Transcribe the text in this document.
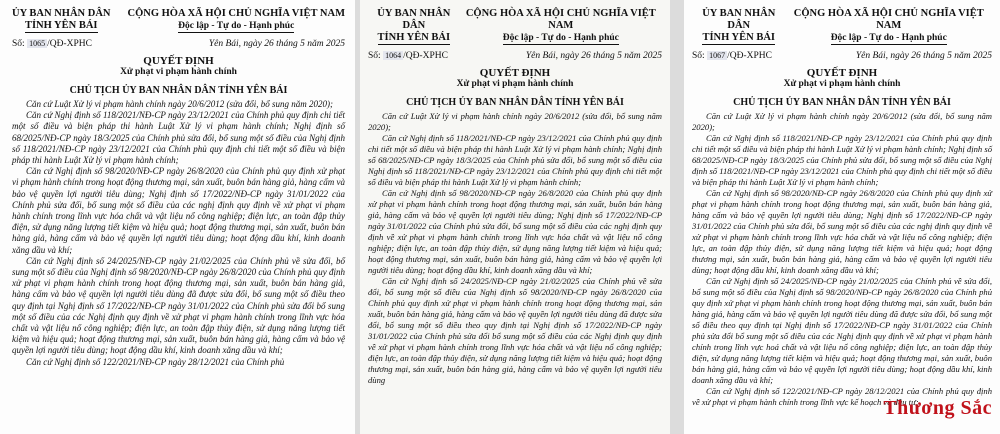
ỦY BAN NHÂN DÂN
TỈNH YÊN BÁI
CỘNG HÒA XÃ HỘI CHỦ NGHĨA VIỆT NAM
Độc lập - Tự do - Hạnh phúc
Số: 1065 /QĐ-XPHC	Yên Bái, ngày 26 tháng 5 năm 2025
QUYẾT ĐỊNH
Xử phạt vi phạm hành chính
CHỦ TỊCH ỦY BAN NHÂN DÂN TỈNH YÊN BÁI

Căn cứ Luật Xử lý vi phạm hành chính ngày 20/6/2012 (sửa đổi, bổ sung năm 2020);

Căn cứ Nghị định số 118/2021/NĐ-CP ngày 23/12/2021 của Chính phủ quy định chi tiết một số điều và biện pháp thi hành Luật Xử lý vi phạm hành chính; Nghị định số 68/2025/NĐ-CP ngày 18/3/2025 của Chính phủ sửa đổi, bổ sung một số điều của Nghị định số 118/2021/NĐ-CP ngày 23/12/2021 của Chính phủ quy định chi tiết một số điều và biện pháp thi hành Luật Xử lý vi phạm hành chính;

Căn cứ Nghị định số 98/2020/NĐ-CP ngày 26/8/2020 của Chính phủ quy định xử phạt vi phạm hành chính trong hoạt động thương mại, sản xuất, buôn bán hàng giả, hàng cấm và bảo vệ quyền lợi người tiêu dùng; Nghị định số 17/2022/NĐ-CP ngày 31/01/2022 của Chính phủ sửa đổi, bổ sung một số điều của các nghị định quy định về xử phạt vi phạm hành chính trong lĩnh vực hóa chất và vật liệu nổ công nghiệp; điện lực, an toàn đập thủy điện, sử dụng năng lượng tiết kiệm và hiệu quả; hoạt động thương mại, sản xuất, buôn bán hàng giả, hàng cấm và bảo vệ quyền lợi người tiêu dùng; hoạt động dầu khí, kinh doanh xăng dầu và khí;

Căn cứ Nghị định số 24/2025/NĐ-CP ngày 21/02/2025 của Chính phủ về sửa đổi, bổ sung một số điều của Nghị định số 98/2020/NĐ-CP ngày 26/8/2020 của Chính phủ quy định xử phạt vi phạm hành chính trong hoạt động thương mại, sản xuất, buôn bán hàng giả, hàng cấm và bảo vệ quyền lợi người tiêu dùng đã được sửa đổi, bổ sung một số điều theo quy định tại Nghị định số 17/2022/NĐ-CP ngày 31/01/2022 của Chính phủ sửa đổi bổ sung một số điều của các Nghị định quy định về xử phạt vi phạm hành chính trong lĩnh vực hóa chất và vật liệu nổ công nghiệp; điện lực, an toàn đập thủy điện, sử dụng năng lượng tiết kiệm và hiệu quả; hoạt động thương mại, sản xuất, buôn bán hàng giả, hàng cấm và bảo vệ quyền lợi người tiêu dùng; hoạt động dầu khí, kinh doanh xăng dầu và khí;

Căn cứ Nghị định số 122/2021/NĐ-CP ngày 28/12/2021 của Chính phủ

ỦY BAN NHÂN DÂN
TỈNH YÊN BÁI
CỘNG HÒA XÃ HỘI CHỦ NGHĨA VIỆT NAM
Độc lập - Tự do - Hạnh phúc
Số: 1064 /QĐ-XPHC	Yên Bái, ngày 26 tháng 5 năm 2025
QUYẾT ĐỊNH
Xử phạt vi phạm hành chính
CHỦ TỊCH ỦY BAN NHÂN DÂN TỈNH YÊN BÁI

Căn cứ Luật Xử lý vi phạm hành chính ngày 20/6/2012 (sửa đổi, bổ sung năm 2020);

Căn cứ Nghị định số 118/2021/NĐ-CP ngày 23/12/2021 của Chính phủ quy định chi tiết một số điều và biện pháp thi hành Luật Xử lý vi phạm hành chính; Nghị định số 68/2025/NĐ-CP ngày 18/3/2025 của Chính phủ sửa đổi, bổ sung một số điều của Nghị định số 118/2021/NĐ-CP ngày 23/12/2021 của Chính phủ quy định chi tiết một số điều và biện pháp thi hành Luật Xử lý vi phạm hành chính;

Căn cứ Nghị định số 98/2020/NĐ-CP ngày 26/8/2020 của Chính phủ quy định xử phạt vi phạm hành chính trong hoạt động thương mại, sản xuất, buôn bán hàng giả, hàng cấm và bảo vệ quyền lợi người tiêu dùng; Nghị định số 17/2022/NĐ-CP ngày 31/01/2022 của Chính phủ sửa đổi, bổ sung một số điều của các nghị định quy định về xử phạt vi phạm hành chính trong lĩnh vực hóa chất và vật liệu nổ công nghiệp; điện lực, an toàn đập thủy điện, sử dụng năng lượng tiết kiệm và hiệu quả; hoạt động thương mại, sản xuất, buôn bán hàng giả, hàng cấm và bảo vệ quyền lợi người tiêu dùng; hoạt động dầu khí, kinh doanh xăng dầu và khí;

Căn cứ Nghị định số 24/2025/NĐ-CP ngày 21/02/2025 của Chính phủ về sửa đổi, bổ sung một số điều của Nghị định số 98/2020/NĐ-CP ngày 26/8/2020 của Chính phủ quy định xử phạt vi phạm hành chính trong hoạt động thương mại, sản xuất, buôn bán hàng giả, hàng cấm và bảo vệ quyền lợi người tiêu dùng đã được sửa đổi, bổ sung một số điều theo quy định tại Nghị định số 17/2022/NĐ-CP ngày 31/01/2022 của Chính phủ sửa đổi bổ sung một số điều của các Nghị định quy định về xử phạt vi phạm hành chính trong lĩnh vực hóa chất và vật liệu nổ công nghiệp; điện lực, an toàn đập thủy điện, sử dụng năng lượng tiết kiệm và hiệu quả; hoạt động thương mại, sản xuất, buôn bán hàng giả, hàng cấm và bảo vệ quyền lợi người tiêu dùng

ỦY BAN NHÂN DÂN
TỈNH YÊN BÁI
CỘNG HÒA XÃ HỘI CHỦ NGHĨA VIỆT NAM
Độc lập - Tự do - Hạnh phúc
Số: 1067 /QĐ-XPHC	Yên Bái, ngày 26 tháng 5 năm 2025
QUYẾT ĐỊNH
Xử phạt vi phạm hành chính
CHỦ TỊCH ỦY BAN NHÂN DÂN TỈNH YÊN BÁI

Căn cứ Luật Xử lý vi phạm hành chính ngày 20/6/2012 (sửa đổi, bổ sung năm 2020);

Căn cứ Nghị định số 118/2021/NĐ-CP ngày 23/12/2021 của Chính phủ quy định chi tiết một số điều và biện pháp thi hành Luật Xử lý vi phạm hành chính; Nghị định số 68/2025/NĐ-CP ngày 18/3/2025 của Chính phủ sửa đổi, bổ sung một số điều của Nghị định số 118/2021/NĐ-CP ngày 23/12/2021 của Chính phủ quy định chi tiết một số điều và biện pháp thi hành Luật Xử lý vi phạm hành chính;

Căn cứ Nghị định số 98/2020/NĐ-CP ngày 26/8/2020 của Chính phủ quy định xử phạt vi phạm hành chính trong hoạt động thương mại, sản xuất, buôn bán hàng giả, hàng cấm và bảo vệ quyền lợi người tiêu dùng; Nghị định số 17/2022/NĐ-CP ngày 31/01/2022 của Chính phủ sửa đổi, bổ sung một số điều của các nghị định quy định về xử phạt vi phạm hành chính trong lĩnh vực hóa chất và vật liệu nổ công nghiệp; điện lực, an toàn đập thủy điện, sử dụng năng lượng tiết kiệm và hiệu quả; hoạt động thương mại, sản xuất, buôn bán hàng giả, hàng cấm và bảo vệ quyền lợi người tiêu dùng; hoạt động dầu khí, kinh doanh xăng dầu và khí;

Căn cứ Nghị định số 24/2025/NĐ-CP ngày 21/02/2025 của Chính phủ về sửa đổi, bổ sung một số điều của Nghị định số 98/2020/NĐ-CP ngày 26/8/2020 của Chính phủ quy định xử phạt vi phạm hành chính trong hoạt động thương mại, sản xuất, buôn bán hàng giả, hàng cấm và bảo vệ quyền lợi người tiêu dùng đã được sửa đổi, bổ sung một số điều theo quy định tại Nghị định số 17/2022/NĐ-CP ngày 31/01/2022 của Chính phủ sửa đổi bổ sung một số điều của các Nghị định quy định về xử phạt vi phạm hành chính trong lĩnh vực hoá chất và vật liệu nổ công nghiệp; điện lực, an toàn đập thủy điện, sử dụng năng lượng tiết kiệm và hiệu quả; hoạt động thương mại, sản xuất, buôn bán hàng giả, hàng cấm và bảo vệ quyền lợi người tiêu dùng; hoạt động dầu khí, kinh doanh xăng dầu và khí;

Căn cứ Nghị định số 122/2021/NĐ-CP ngày 28/12/2021 của Chính phủ quy định về xử phạt vi phạm hành chính trong lĩnh vực kế hoạch và đầu tư;

Thương Sắc
